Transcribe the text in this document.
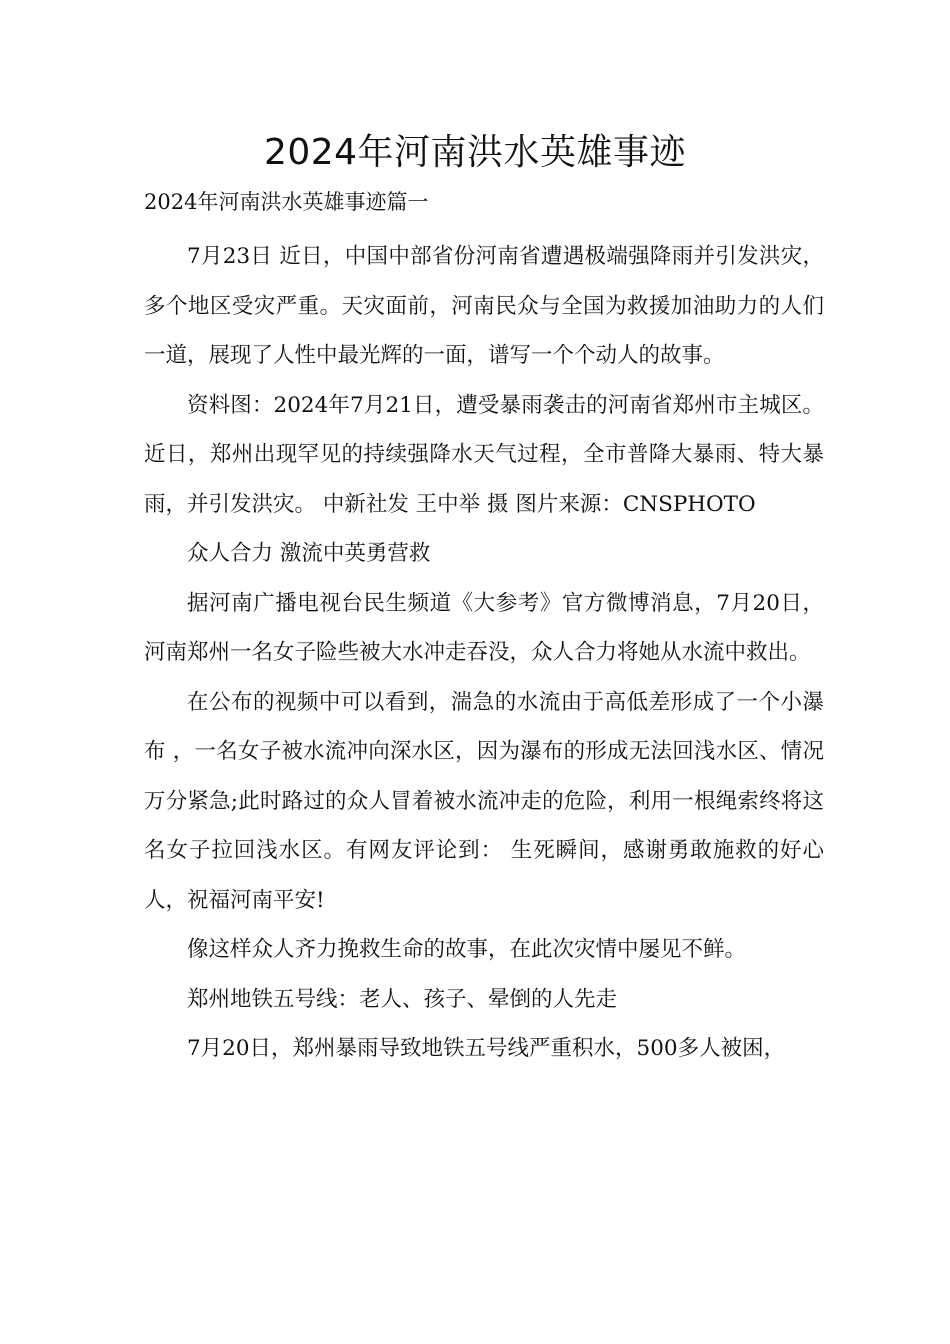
2024年河南洪水英雄事迹

2024年河南洪水英雄事迹篇一

7月23日 近日，中国中部省份河南省遭遇极端强降雨并引发洪灾，多个地区受灾严重。天灾面前，河南民众与全国为救援加油助力的人们一道，展现了人性中最光辉的一面，谱写一个个动人的故事。

资料图：2024年7月21日，遭受暴雨袭击的河南省郑州市主城区。近日，郑州出现罕见的持续强降水天气过程，全市普降大暴雨、特大暴雨，并引发洪灾。 中新社发 王中举 摄 图片来源：CNSPHOTO

众人合力 激流中英勇营救

据河南广播电视台民生频道《大参考》官方微博消息，7月20日，河南郑州一名女子险些被大水冲走吞没，众人合力将她从水流中救出。

在公布的视频中可以看到，湍急的水流由于高低差形成了一个小瀑布 ，一名女子被水流冲向深水区，因为瀑布的形成无法回浅水区、情况万分紧急;此时路过的众人冒着被水流冲走的危险，利用一根绳索终将这名女子拉回浅水区。有网友评论到： 生死瞬间，感谢勇敢施救的好心人，祝福河南平安!

像这样众人齐力挽救生命的故事，在此次灾情中屡见不鲜。

郑州地铁五号线：老人、孩子、晕倒的人先走

7月20日，郑州暴雨导致地铁五号线严重积水，500多人被困，
